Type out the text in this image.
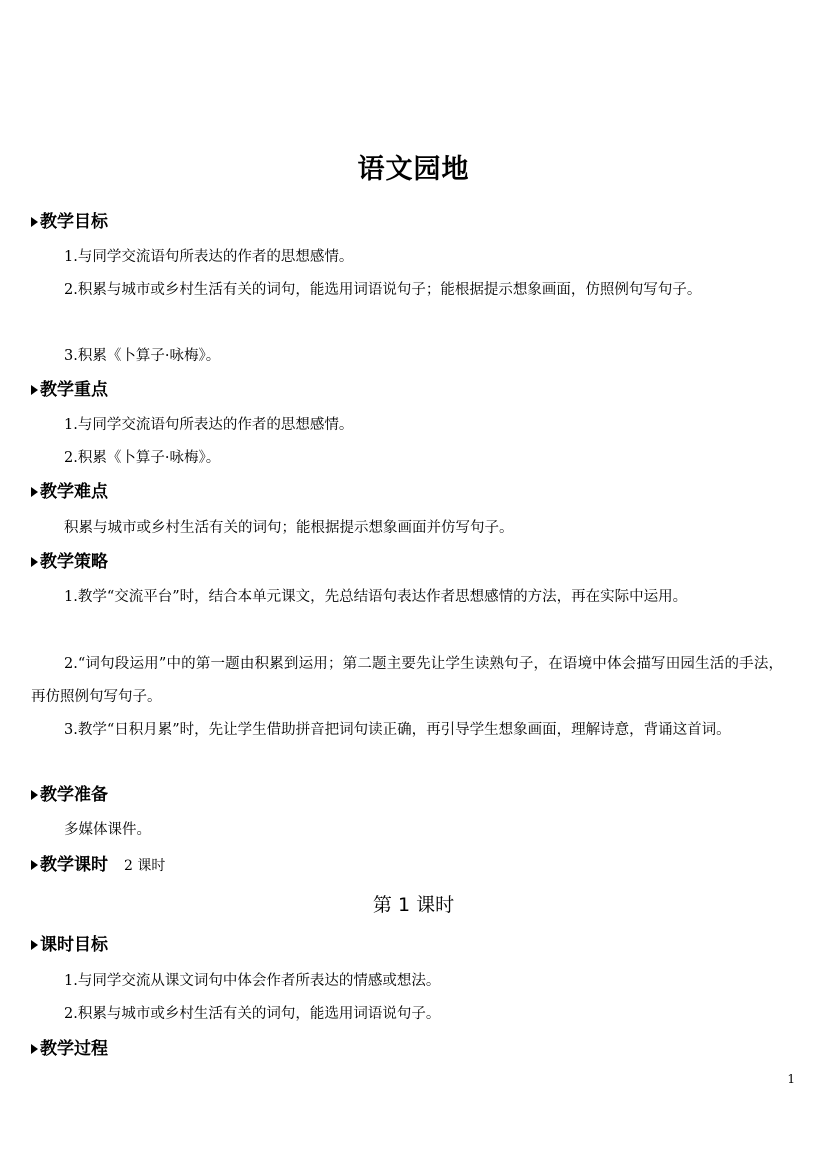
语文园地
教学目标
1.与同学交流语句所表达的作者的思想感情。
2.积累与城市或乡村生活有关的词句，能选用词语说句子；能根据提示想象画面，仿照例句写句子。
3.积累《卜算子·咏梅》。
教学重点
1.与同学交流语句所表达的作者的思想感情。
2.积累《卜算子·咏梅》。
教学难点
积累与城市或乡村生活有关的词句；能根据提示想象画面并仿写句子。
教学策略
1.教学“交流平台”时，结合本单元课文，先总结语句表达作者思想感情的方法，再在实际中运用。
2.“词句段运用”中的第一题由积累到运用；第二题主要先让学生读熟句子，在语境中体会描写田园生活的手法，再仿照例句写句子。
3.教学“日积月累”时，先让学生借助拼音把词句读正确，再引导学生想象画面，理解诗意，背诵这首词。
教学准备
多媒体课件。
教学课时 2 课时
第 1 课时
课时目标
1.与同学交流从课文词句中体会作者所表达的情感或想法。
2.积累与城市或乡村生活有关的词句，能选用词语说句子。
教学过程
1
